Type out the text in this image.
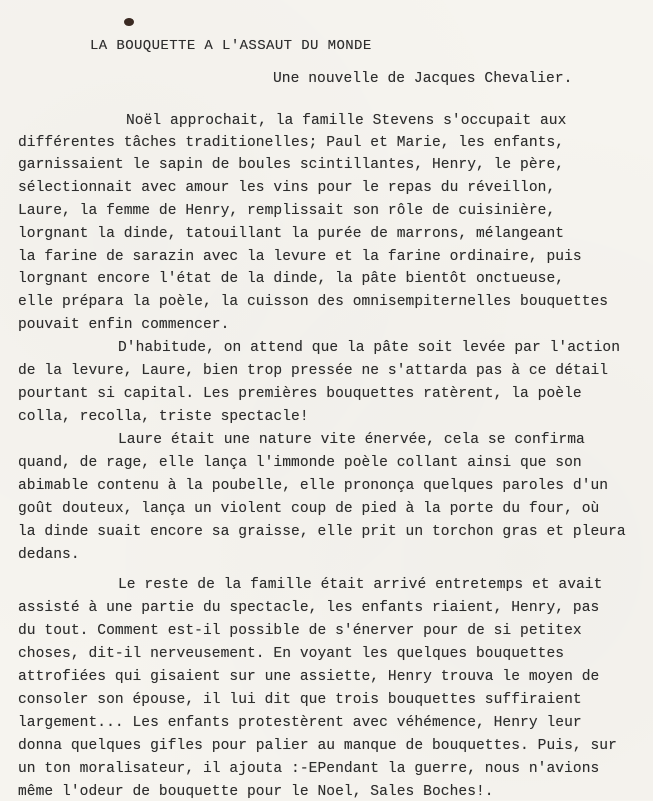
LA BOUQUETTE A L'ASSAUT DU MONDE
Une nouvelle de Jacques Chevalier.
Noël approchait, la famille Stevens s'occupait aux
différentes tâches traditionelles; Paul et Marie, les enfants,
garnissaient le sapin de boules scintillantes, Henry, le père,
sélectionnait avec amour les vins pour le repas du réveillon,
Laure, la femme de Henry, remplissait son rôle de cuisinière,
lorgnant la dinde, tatouillant la purée de marrons, mélangeant
la farine de sarazin avec la levure et la farine ordinaire, puis
lorgnant encore l'état de la dinde, la pâte bientôt onctueuse,
elle prépara la poèle, la cuisson des omnisempiternelles bouquettes
pouvait enfin commencer.
D'habitude, on attend que la pâte soit levée par l'action
de la levure, Laure, bien trop pressée ne s'attarda pas à ce détail
pourtant si capital. Les premières bouquettes ratèrent, la poèle
colla, recolla, triste spectacle!
Laure était une nature vite énervée, cela se confirma
quand, de rage, elle lança l'immonde poèle collant ainsi que son
abimable contenu à la poubelle, elle prononça quelques paroles d'un
goût douteux, lança un violent coup de pied à la porte du four, où
la dinde suait encore sa graisse, elle prit un torchon gras et pleura
dedans.
Le reste de la famille était arrivé entretemps et avait
assisté à une partie du spectacle, les enfants riaient, Henry, pas
du tout. Comment est-il possible de s'énerver pour de si petitex
choses, dit-il nerveusement. En voyant les quelques bouquettes
attrofiées qui gisaient sur une assiette, Henry trouva le moyen de
consoler son épouse, il lui dit que trois bouquettes suffiraient
largement... Les enfants protestèrent avec véhémence, Henry leur
donna quelques gifles pour palier au manque de bouquettes. Puis, sur
un ton moralisateur, il ajouta :-EPendant la guerre, nous n'avions
même l'odeur de bouquette pour le Noel, Sales Boches!.
